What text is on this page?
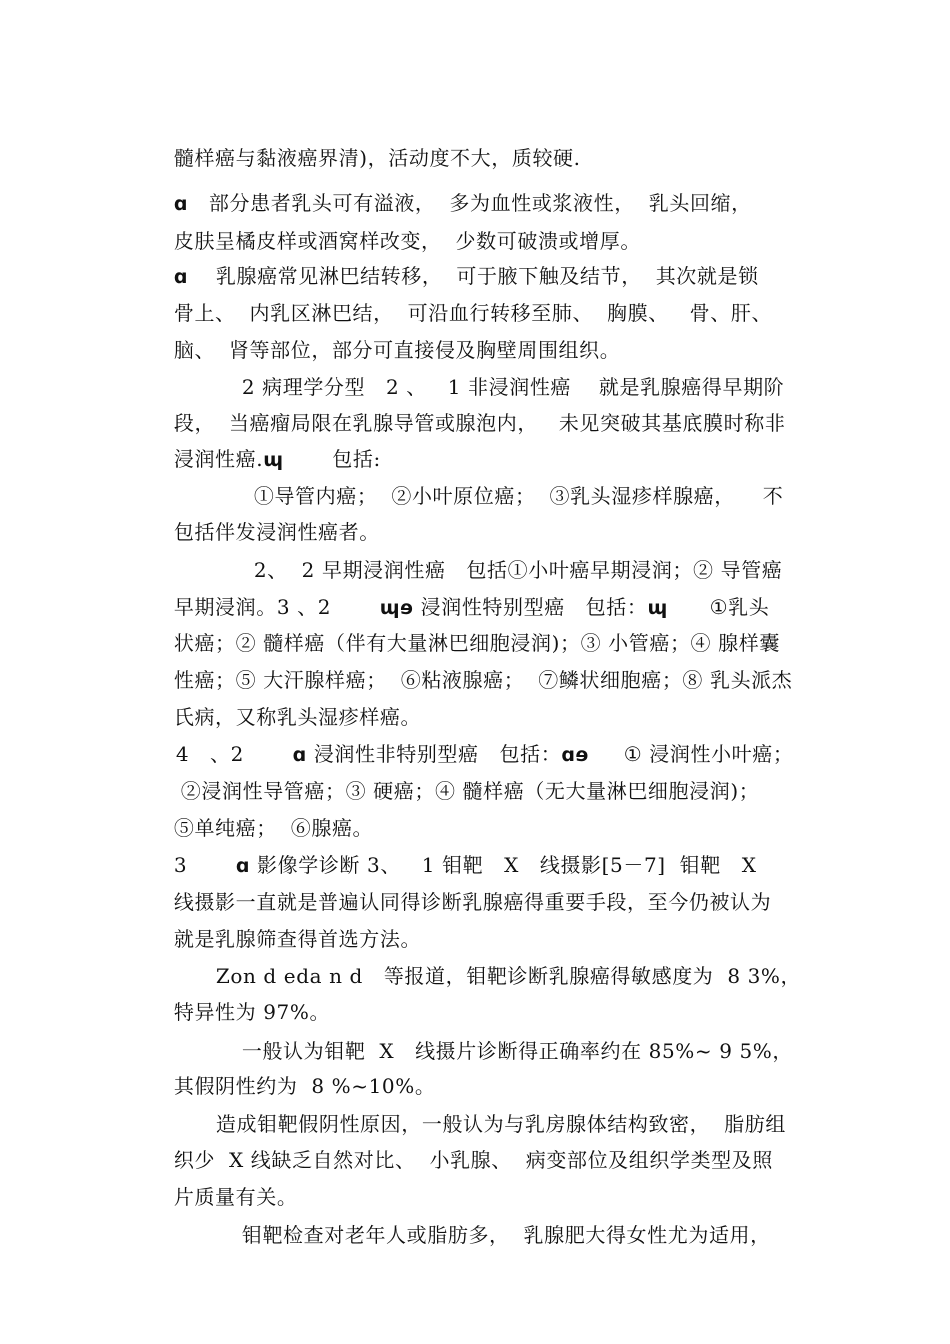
髓样癌与黏液癌界清)，活动度不大，质较硬.

ɑ   部分患者乳头可有溢液，  多为血性或浆液性，  乳头回缩，

皮肤呈橘皮样或酒窝样改变，  少数可破溃或增厚。

ɑ    乳腺癌常见淋巴结转移，  可于腋下触及结节，  其次就是锁

骨上、  内乳区淋巴结，  可沿血行转移至肺、  胸膜、   骨、肝、

脑、  肾等部位，部分可直接侵及胸壁周围组织。

2 病理学分型   2 、   1 非浸润性癌    就是乳腺癌得早期阶

段，  当癌瘤局限在乳腺导管或腺泡内，   未见突破其基底膜时称非

浸润性癌.ɰ       包括:

①导管内癌；  ②小叶原位癌；  ③乳头湿疹样腺癌，    不

包括伴发浸润性癌者。

2、  2 早期浸润性癌   包括①小叶癌早期浸润；② 导管癌

早期浸润。3 、2       ɰɘ 浸润性特别型癌   包括：ɰ      ①乳头

状癌；② 髓样癌（伴有大量淋巴细胞浸润)；③ 小管癌；④ 腺样囊

性癌；⑤ 大汗腺样癌；  ⑥粘液腺癌；  ⑦鳞状细胞癌；⑧ 乳头派杰

氏病，又称乳头湿疹样癌。

4   、2       ɑ 浸润性非特别型癌   包括：ɑɘ     ① 浸润性小叶癌；

②浸润性导管癌；③ 硬癌；④ 髓样癌（无大量淋巴细胞浸润)；

⑤单纯癌；  ⑥腺癌。

3       ɑ 影像学诊断 3、   1 钼靶   X   线摄影[5－7]  钼靶   X

线摄影一直就是普遍认同得诊断乳腺癌得重要手段，至今仍被认为

就是乳腺筛查得首选方法。

Zon d eda n d   等报道，钼靶诊断乳腺癌得敏感度为  8 3%，

特异性为 97%。

一般认为钼靶  X   线摄片诊断得正确率约在 85%~ 9 5%，

其假阴性约为  8 %~10%。

造成钼靶假阴性原因，一般认为与乳房腺体结构致密，  脂肪组

织少  X 线缺乏自然对比、  小乳腺、  病变部位及组织学类型及照

片质量有关。

钼靶检查对老年人或脂肪多，  乳腺肥大得女性尤为适用，
